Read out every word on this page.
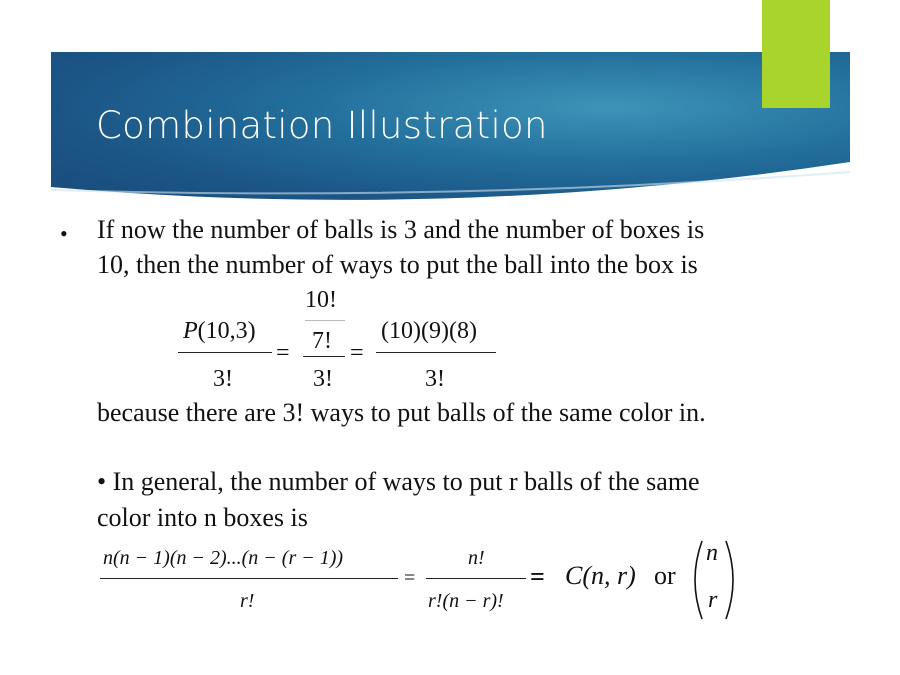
Combination Illustration
• If now the number of balls is 3 and the number of boxes is

10, then the number of ways to put the ball into the box is
P(10,3)
3!
=
10!
7!
3!
=
(10)(9)(8)
3!
because there are 3! ways to put balls of the same color in.

• In general, the number of ways to put r balls of the same

color into n boxes is
n(n − 1)(n − 2)...(n − (r − 1))
r!
=
n!
r!(n − r)!
= C(n, r) or
n
r
